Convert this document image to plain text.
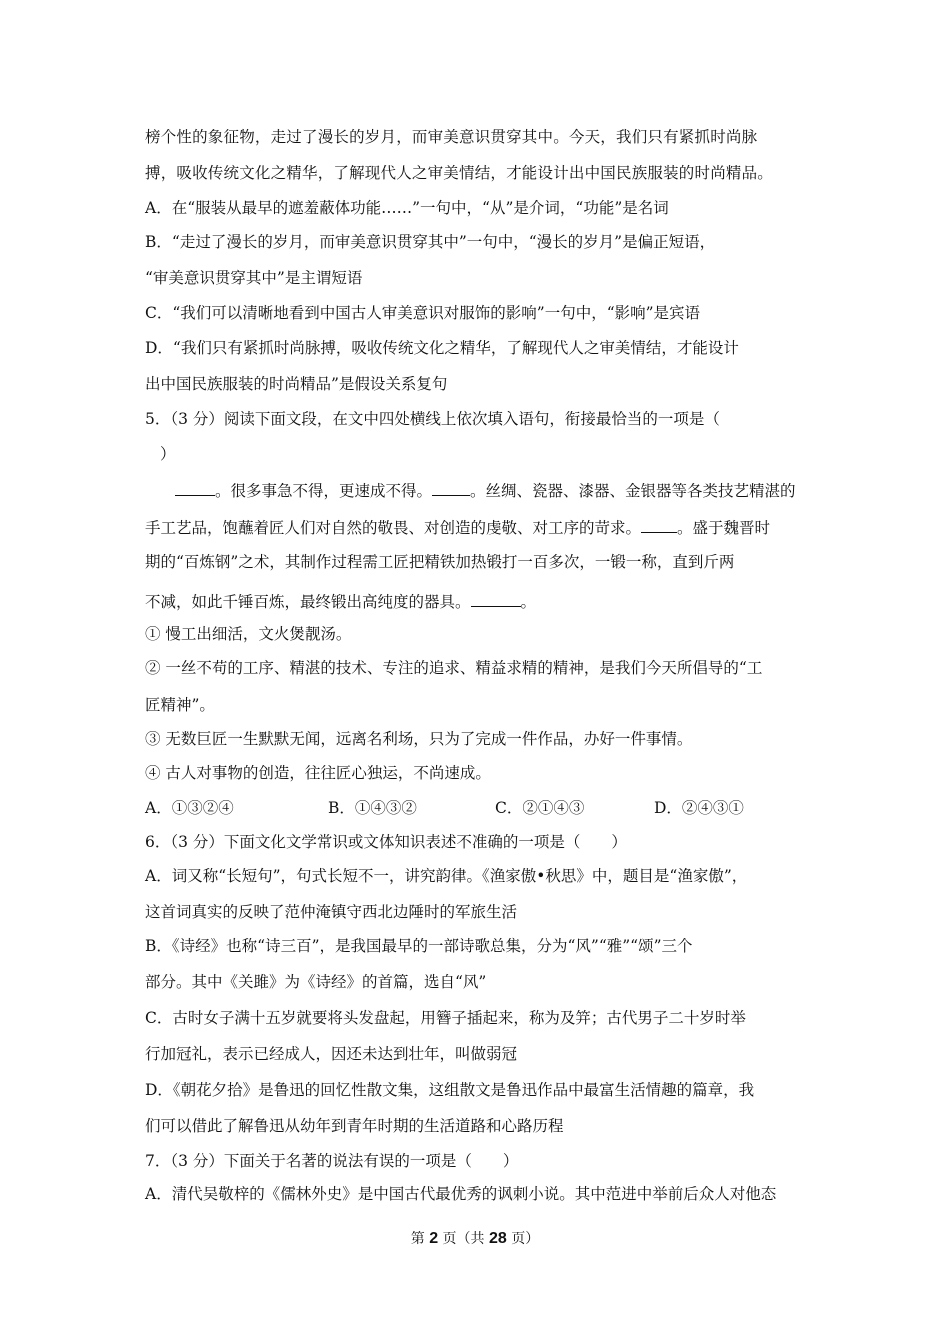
榜个性的象征物，走过了漫长的岁月，而审美意识贯穿其中。今天，我们只有紧抓时尚脉
搏，吸收传统文化之精华，了解现代人之审美情结，才能设计出中国民族服装的时尚精品。
A．在“服装从最早的遮羞蔽体功能……”一句中，“从”是介词，“功能”是名词
B．“走过了漫长的岁月，而审美意识贯穿其中”一句中，“漫长的岁月”是偏正短语，
“审美意识贯穿其中”是主谓短语
C．“我们可以清晰地看到中国古人审美意识对服饰的影响”一句中，“影响”是宾语
D．“我们只有紧抓时尚脉搏，吸收传统文化之精华，了解现代人之审美情结，才能设计
出中国民族服装的时尚精品”是假设关系复句
5．（3 分）阅读下面文段，在文中四处横线上依次填入语句，衔接最恰当的一项是（
）
。很多事急不得，更速成不得。 。丝绸、瓷器、漆器、金银器等各类技艺精湛的
手工艺品，饱蘸着匠人们对自然的敬畏、对创造的虔敬、对工序的苛求。 。盛于魏晋时
期的“百炼钢”之术，其制作过程需工匠把精铁加热锻打一百多次，一锻一称，直到斤两
不减，如此千锤百炼，最终锻出高纯度的器具。	。
① 慢工出细活，文火煲靓汤。
② 一丝不苟的工序、精湛的技术、专注的追求、精益求精的精神，是我们今天所倡导的“工
匠精神”。
③ 无数巨匠一生默默无闻，远离名利场，只为了完成一件作品，办好一件事情。
④ 古人对事物的创造，往往匠心独运，不尚速成。
A．①③②④	B．①④③②	C．②①④③	D．②④③①
6．（3 分）下面文化文学常识或文体知识表述不准确的一项是（　　）
A．词又称“长短句”，句式长短不一，讲究韵律。《渔家傲•秋思》中，题目是“渔家傲”，
这首词真实的反映了范仲淹镇守西北边陲时的军旅生活
B．《诗经》也称“诗三百”，是我国最早的一部诗歌总集，分为“风”“雅”“颂”三个
部分。其中《关雎》为《诗经》的首篇，选自“风”
C．古时女子满十五岁就要将头发盘起，用簪子插起来，称为及笄；古代男子二十岁时举
行加冠礼，表示已经成人，因还未达到壮年，叫做弱冠
D．《朝花夕拾》是鲁迅的回忆性散文集，这组散文是鲁迅作品中最富生活情趣的篇章，我
们可以借此了解鲁迅从幼年到青年时期的生活道路和心路历程
7．（3 分）下面关于名著的说法有误的一项是（　　）
A．清代吴敬梓的《儒林外史》是中国古代最优秀的讽刺小说。其中范进中举前后众人对他态
第 2 页（共 28 页）
